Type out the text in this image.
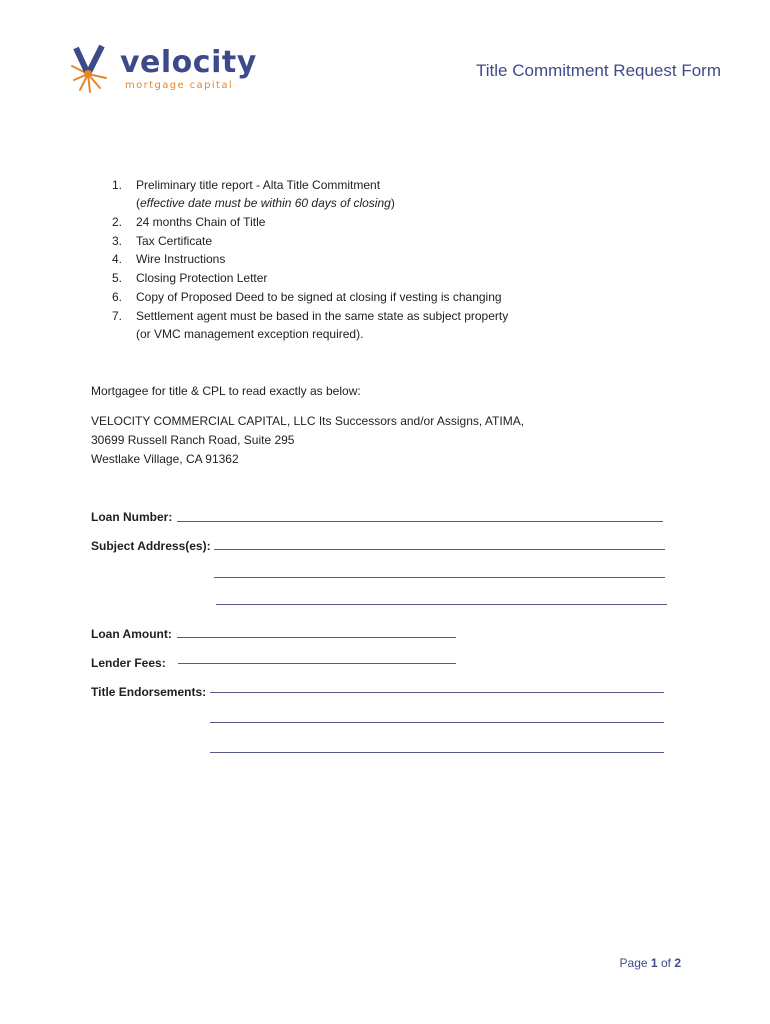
velocity
mortgage capital
Title Commitment Request Form
1. Preliminary title report - Alta Title Commitment
(effective date must be within 60 days of closing)
2. 24 months Chain of Title
3. Tax Certificate
4. Wire Instructions
5. Closing Protection Letter
6. Copy of Proposed Deed to be signed at closing if vesting is changing
7. Settlement agent must be based in the same state as subject property
(or VMC management exception required).
Mortgagee for title & CPL to read exactly as below:
VELOCITY COMMERCIAL CAPITAL, LLC Its Successors and/or Assigns, ATIMA,
30699 Russell Ranch Road, Suite 295
Westlake Village, CA 91362
Loan Number:
Subject Address(es):
Loan Amount:
Lender Fees:
Title Endorsements:
Page 1 of 2
